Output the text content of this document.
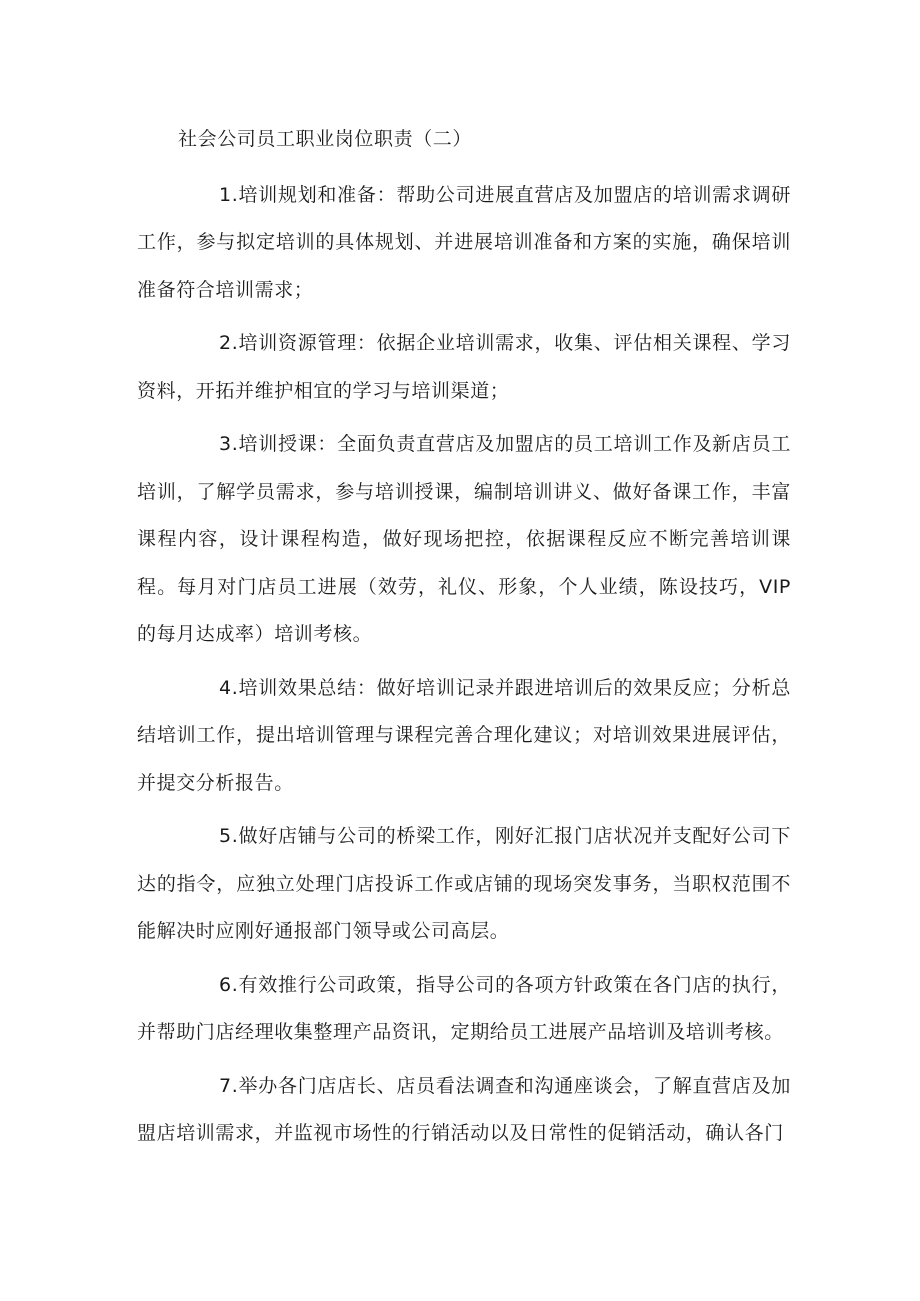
社会公司员工职业岗位职责（二）

1.培训规划和准备：帮助公司进展直营店及加盟店的培训需求调研工作，参与拟定培训的具体规划、并进展培训准备和方案的实施，确保培训准备符合培训需求；

2.培训资源管理：依据企业培训需求，收集、评估相关课程、学习资料，开拓并维护相宜的学习与培训渠道；

3.培训授课：全面负责直营店及加盟店的员工培训工作及新店员工培训，了解学员需求，参与培训授课，编制培训讲义、做好备课工作，丰富课程内容，设计课程构造，做好现场把控，依据课程反应不断完善培训课程。每月对门店员工进展（效劳，礼仪、形象，个人业绩，陈设技巧，VIP的每月达成率）培训考核。

4.培训效果总结：做好培训记录并跟进培训后的效果反应；分析总结培训工作，提出培训管理与课程完善合理化建议；对培训效果进展评估，并提交分析报告。

5.做好店铺与公司的桥梁工作，刚好汇报门店状况并支配好公司下达的指令，应独立处理门店投诉工作或店铺的现场突发事务，当职权范围不能解决时应刚好通报部门领导或公司高层。

6.有效推行公司政策，指导公司的各项方针政策在各门店的执行，并帮助门店经理收集整理产品资讯，定期给员工进展产品培训及培训考核。

7.举办各门店店长、店员看法调查和沟通座谈会，了解直营店及加盟店培训需求，并监视市场性的行销活动以及日常性的促销活动，确认各门
